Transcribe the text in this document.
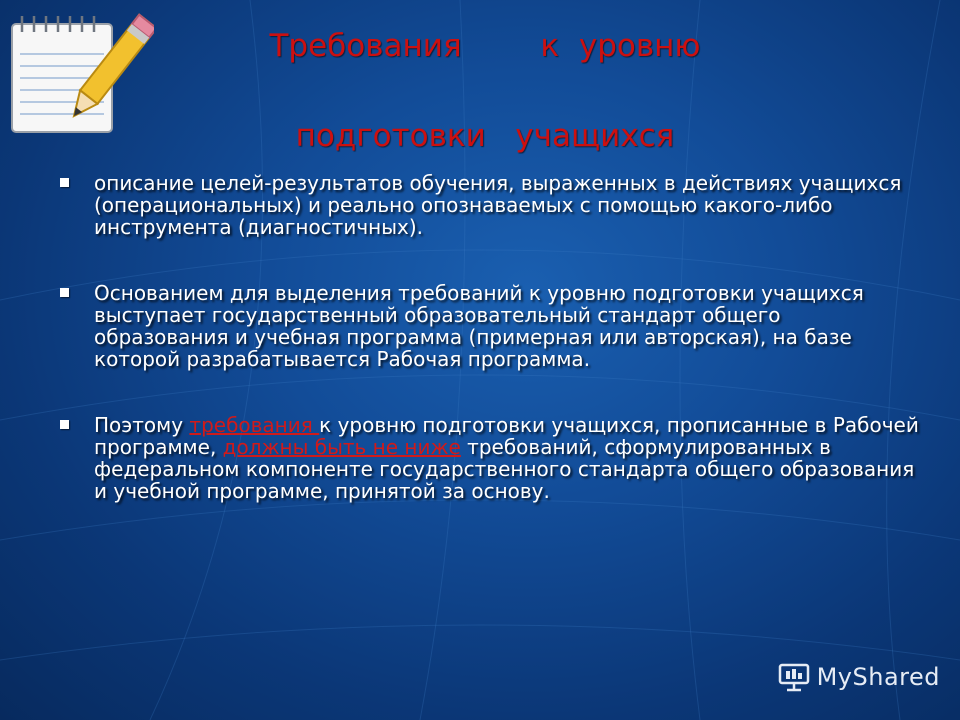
Требования        к  уровню
подготовки   учащихся
описание целей-результатов обучения, выраженных в действиях учащихся (операциональных) и реально опознаваемых с помощью какого-либо инструмента (диагностичных).
Основанием для выделения требований к уровню подготовки учащихся выступает государственный образовательный стандарт общего образования и учебная программа (примерная или авторская), на базе которой разрабатывается Рабочая программа.
Поэтому требования к уровню подготовки учащихся, прописанные в Рабочей программе, должны быть не ниже требований, сформулированных в федеральном компоненте государственного стандарта общего образования и учебной программе, принятой за основу.
MyShared
